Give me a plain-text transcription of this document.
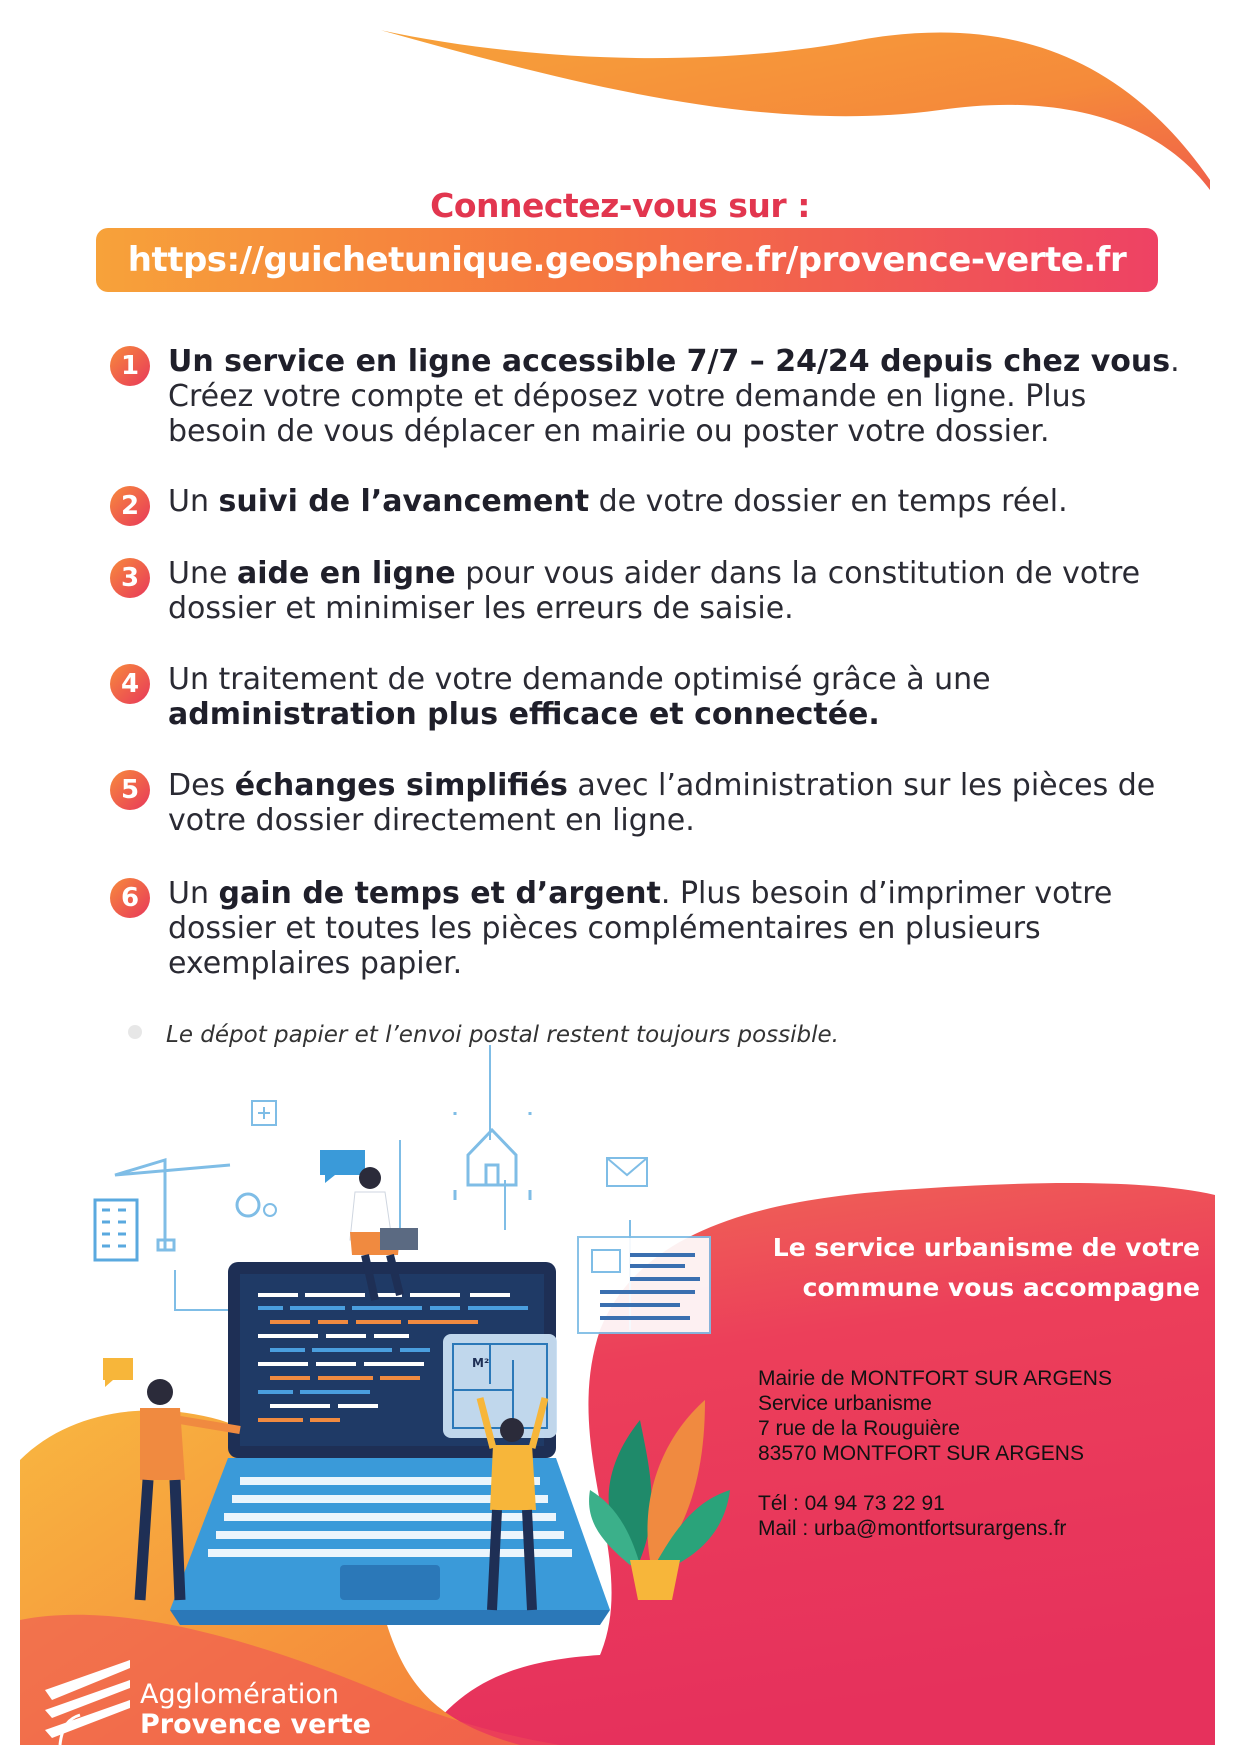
Connectez-vous sur :
https://guichetunique.geosphere.fr/provence-verte.fr
1 Un service en ligne accessible 7/7 – 24/24 depuis chez vous. Créez votre compte et déposez votre demande en ligne. Plus besoin de vous déplacer en mairie ou poster votre dossier.
2 Un suivi de l’avancement de votre dossier en temps réel.
3 Une aide en ligne pour vous aider dans la constitution de votre dossier et minimiser les erreurs de saisie.
4 Un traitement de votre demande optimisé grâce à une administration plus efficace et connectée.
5 Des échanges simplifiés avec l’administration sur les pièces de votre dossier directement en ligne.
6 Un gain de temps et d’argent. Plus besoin d’imprimer votre dossier et toutes les pièces complémentaires en plusieurs exemplaires papier.
Le dépot papier et l’envoi postal restent toujours possible.
Le service urbanisme de votre
commune vous accompagne
Mairie de MONTFORT SUR ARGENS
Service urbanisme
7 rue de la Rouguière
83570 MONTFORT SUR ARGENS
Tél : 04 94 73 22 91
Mail : urba@montfortsurargens.fr
M²
Agglomération
Provence verte
